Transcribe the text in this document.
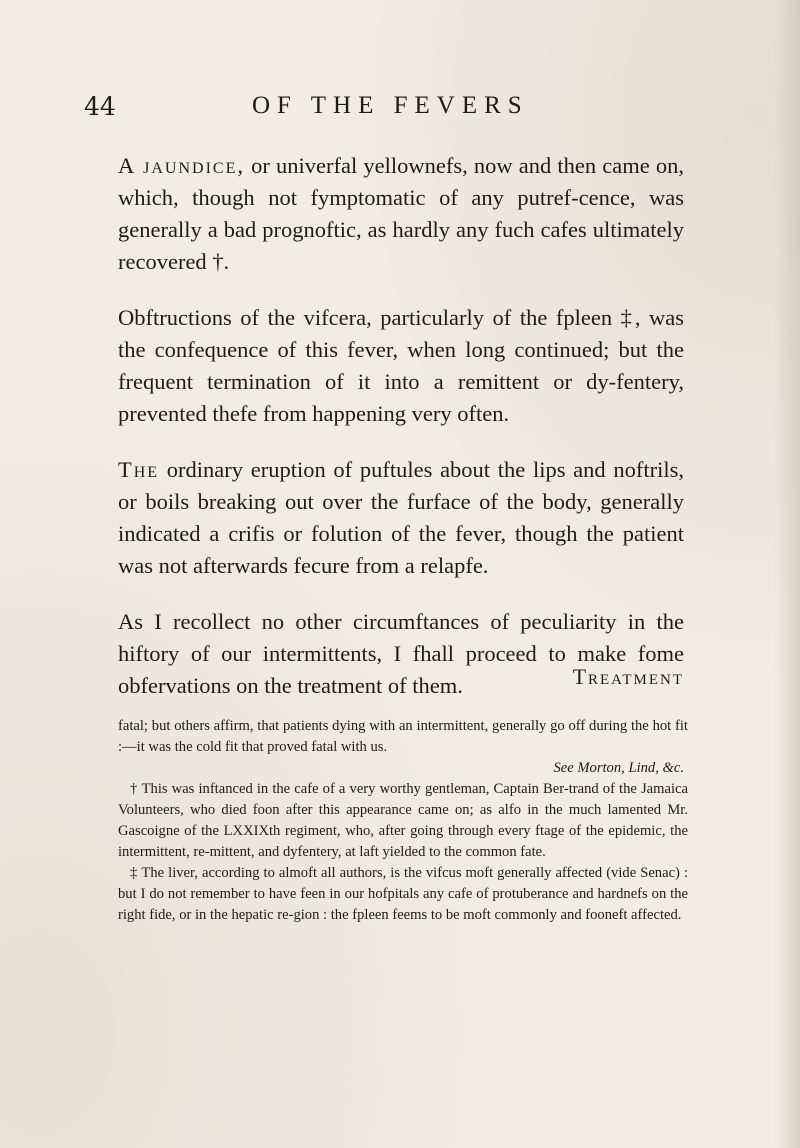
44	OF THE FEVERS

A jaundice, or univerfal yellownefs, now and then came on, which, though not fymptomatic of any putref-cence, was generally a bad prognoftic, as hardly any fuch cafes ultimately recovered †.

Obftructions of the vifcera, particularly of the fpleen ‡, was the confequence of this fever, when long continued; but the frequent termination of it into a remittent or dy-fentery, prevented thefe from happening very often.

The ordinary eruption of puftules about the lips and noftrils, or boils breaking out over the furface of the body, generally indicated a crifis or folution of the fever, though the patient was not afterwards fecure from a relapfe.

As I recollect no other circumftances of peculiarity in the hiftory of our intermittents, I fhall proceed to make fome obfervations on the treatment of them.	Treatment

fatal; but others affirm, that patients dying with an intermittent, generally go off during the hot fit :—it was the cold fit that proved fatal with us.

See Morton, Lind, &c.

† This was inftanced in the cafe of a very worthy gentleman, Captain Ber-trand of the Jamaica Volunteers, who died foon after this appearance came on; as alfo in the much lamented Mr. Gascoigne of the LXXIXth regiment, who, after going through every ftage of the epidemic, the intermittent, re-mittent, and dyfentery, at laft yielded to the common fate.

‡ The liver, according to almoft all authors, is the vifcus moft generally affected (vide Senac) : but I do not remember to have feen in our hofpitals any cafe of protuberance and hardnefs on the right fide, or in the hepatic re-gion : the fpleen feems to be moft commonly and fooneft affected.
